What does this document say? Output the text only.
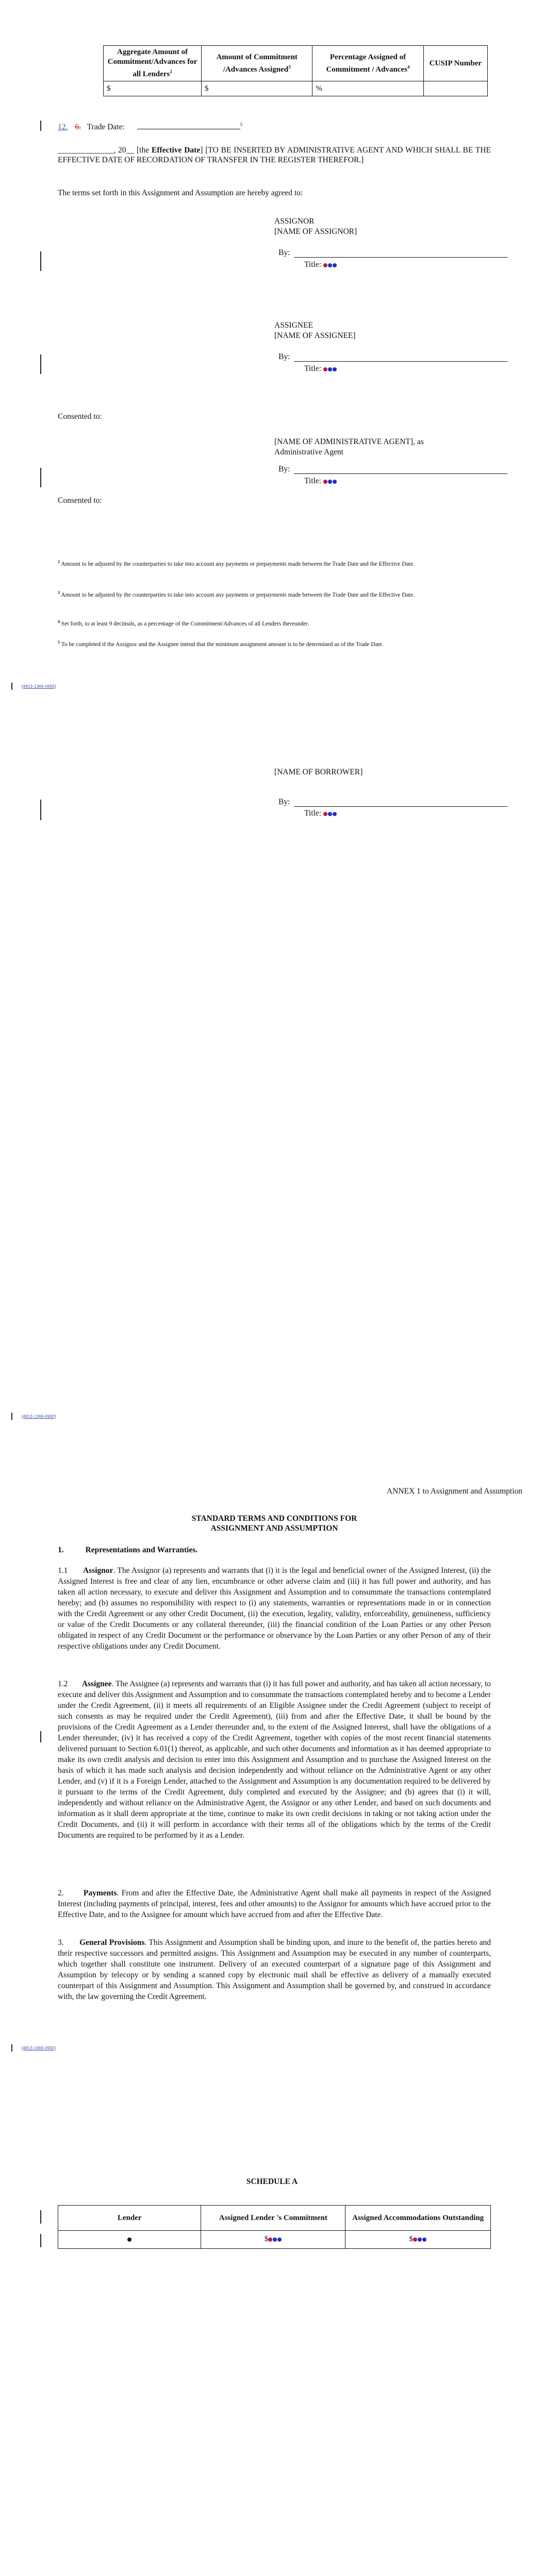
Aggregate Amount of Commitment/Advances for all Lenders$^2$	Amount of Commitment /Advances Assigned$^3$	Percentage Assigned of Commitment / Advances$^4$	CUSIP Number
$	$	%	
12. 6. Trade Date:	$^5$
______________, 20__ [the Effective Date] [TO BE INSERTED BY ADMINISTRATIVE AGENT AND WHICH SHALL BE THE EFFECTIVE DATE OF RECORDATION OF TRANSFER IN THE REGISTER THEREFOR.]
The terms set forth in this Assignment and Assumption are hereby agreed to:
ASSIGNOR
[NAME OF ASSIGNOR]
By:
Title:
ASSIGNEE
[NAME OF ASSIGNEE]
By:
Title:
Consented to:
[NAME OF ADMINISTRATIVE AGENT], as
Administrative Agent
By:
Title:
Consented to:
$^2$ Amount to be adjusted by the counterparties to take into account any payments or prepayments made between the Trade Date and the Effective Date.
$^3$ Amount to be adjusted by the counterparties to take into account any payments or prepayments made between the Trade Date and the Effective Date.
$^4$ Set forth, to at least 9 decimals, as a percentage of the Commitment/Advances of all Lenders thereunder.
$^5$ To be completed if the Assignor and the Assignee intend that the minimum assignment amount is to be determined as of the Trade Date.
[4813-1369-0992]
[NAME OF BORROWER]
By:
Title:
[4813-1369-0992]
ANNEX 1 to Assignment and Assumption
STANDARD TERMS AND CONDITIONS FOR
ASSIGNMENT AND ASSUMPTION
1.	Representations and Warranties.

1.1 Assignor. The Assignor (a) represents and warrants that (i) it is the legal and beneficial owner of the Assigned Interest, (ii) the Assigned Interest is free and clear of any lien, encumbrance or other adverse claim and (iii) it has full power and authority, and has taken all action necessary, to execute and deliver this Assignment and Assumption and to consummate the transactions contemplated hereby; and (b) assumes no responsibility with respect to (i) any statements, warranties or representations made in or in connection with the Credit Agreement or any other Credit Document, (ii) the execution, legality, validity, enforceability, genuineness, sufficiency or value of the Credit Documents or any collateral thereunder, (iii) the financial condition of the Loan Parties or any other Person obligated in respect of any Credit Document or the performance or observance by the Loan Parties or any other Person of any of their respective obligations under any Credit Document.

1.2 Assignee. The Assignee (a) represents and warrants that (i) it has full power and authority, and has taken all action necessary, to execute and deliver this Assignment and Assumption and to consummate the transactions contemplated hereby and to become a Lender under the Credit Agreement, (ii) it meets all requirements of an Eligible Assignee under the Credit Agreement (subject to receipt of such consents as may be required under the Credit Agreement), (iii) from and after the Effective Date, it shall be bound by the provisions of the Credit Agreement as a Lender thereunder and, to the extent of the Assigned Interest, shall have the obligations of a Lender thereunder, (iv) it has received a copy of the Credit Agreement, together with copies of the most recent financial statements delivered pursuant to Section 6.01(1) thereof, as applicable, and such other documents and information as it has deemed appropriate to make its own credit analysis and decision to enter into this Assignment and Assumption and to purchase the Assigned Interest on the basis of which it has made such analysis and decision independently and without reliance on the Administrative Agent or any other Lender, and (v) if it is a Foreign Lender, attached to the Assignment and Assumption is any documentation required to be delivered by it pursuant to the terms of the Credit Agreement, duly completed and executed by the Assignee; and (b) agrees that (i) it will, independently and without reliance on the Administrative Agent, the Assignor or any other Lender, and based on such documents and information as it shall deem appropriate at the time, continue to make its own credit decisions in taking or not taking action under the Credit Documents, and (ii) it will perform in accordance with their terms all of the obligations which by the terms of the Credit Documents are required to be performed by it as a Lender.

2. Payments. From and after the Effective Date, the Administrative Agent shall make all payments in respect of the Assigned Interest (including payments of principal, interest, fees and other amounts) to the Assignor for amounts which have accrued prior to the Effective Date, and to the Assignee for amount which have accrued from and after the Effective Date.

3. General Provisions. This Assignment and Assumption shall be binding upon, and inure to the benefit of, the parties hereto and their respective successors and permitted assigns. This Assignment and Assumption may be executed in any number of counterparts, which together shall constitute one instrument. Delivery of an executed counterpart of a signature page of this Assignment and Assumption by telecopy or by sending a scanned copy by electronic mail shall be effective as delivery of a manually executed counterpart of this Assignment and Assumption. This Assignment and Assumption shall be governed by, and construed in accordance with, the law governing the Credit Agreement.

[4813-1369-0992]
SCHEDULE A
Lender	Assigned Lender 's Commitment	Assigned Accommodations Outstanding
	$	$
